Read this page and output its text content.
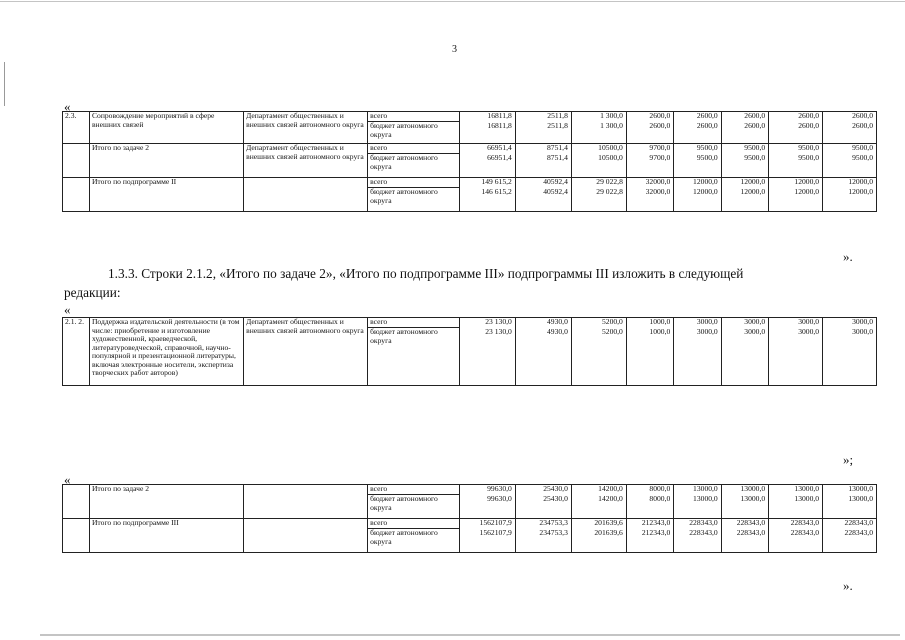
3
«
2.3.	Сопровождение мероприятий в сфере внешних связей	Департамент общественных и внешних связей автономного округа	всего	16811,8	2511,8	1 300,0	2600,0	2600,0	2600,0	2600,0	2600,0
			бюджет автономного округа	16811,8	2511,8	1 300,0	2600,0	2600,0	2600,0	2600,0	2600,0
	Итого по задаче 2	Департамент общественных и внешних связей автономного округа	всего	66951,4	8751,4	10500,0	9700,0	9500,0	9500,0	9500,0	9500,0
			бюджет автономного округа	66951,4	8751,4	10500,0	9700,0	9500,0	9500,0	9500,0	9500,0
	Итого по подпрограмме II		всего	149 615,2	40592,4	29 022,8	32000,0	12000,0	12000,0	12000,0	12000,0
			бюджет автономного округа	146 615,2	40592,4	29 022,8	32000,0	12000,0	12000,0	12000,0	12000,0
».
1.3.3. Строки 2.1.2, «Итого по задаче 2», «Итого по подпрограмме III» подпрограммы III изложить в следующей
редакции:
«
2.1. 2.	Поддержка издательской деятельности (в том числе: приобретение и изготовление художественной, краеведческой, литературоведческой, справочной, научно-популярной и презентационной литературы, включая электронные носители, экспертиза творческих работ авторов)	Департамент общественных и внешних связей автономного округа	всего	23 130,0	4930,0	5200,0	1000,0	3000,0	3000,0	3000,0	3000,0
			бюджет автономного округа	23 130,0	4930,0	5200,0	1000,0	3000,0	3000,0	3000,0	3000,0
»;
«
	Итого по задаче 2		всего	99630,0	25430,0	14200,0	8000,0	13000,0	13000,0	13000,0	13000,0
			бюджет автономного округа	99630,0	25430,0	14200,0	8000,0	13000,0	13000,0	13000,0	13000,0
	Итого по подпрограмме III		всего	1562107,9	234753,3	201639,6	212343,0	228343,0	228343,0	228343,0	228343,0
			бюджет автономного округа	1562107,9	234753,3	201639,6	212343,0	228343,0	228343,0	228343,0	228343,0
».
